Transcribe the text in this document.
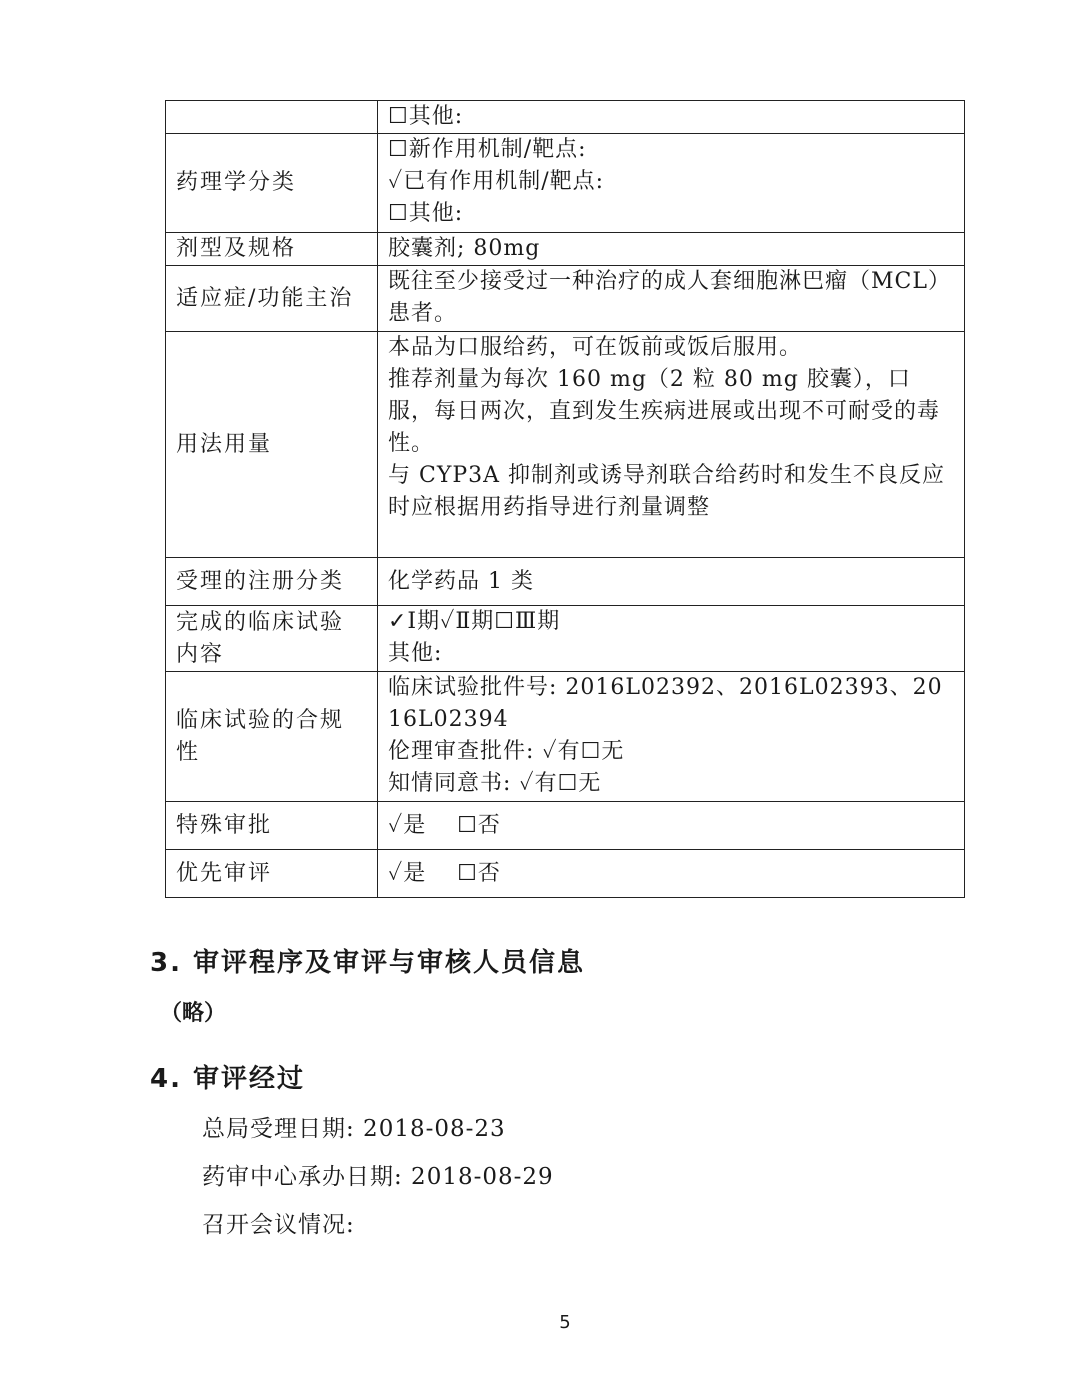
	☐其他:

药理学分类	☐新作用机制/靶点:
✓已有作用机制/靶点:
☐其他:

剂型及规格	胶囊剂; 80mg

适应症/功能主治	既往至少接受过一种治疗的成人套细胞淋巴瘤（MCL）患者。

用法用量	本品为口服给药，可在饭前或饭后服用。
推荐剂量为每次 160 mg（2 粒 80 mg 胶囊），口服，每日两次，直到发生疾病进展或出现不可耐受的毒性。
与 CYP3A 抑制剂或诱导剂联合给药时和发生不良反应时应根据用药指导进行剂量调整

受理的注册分类	化学药品 1 类

完成的临床试验内容	✓Ⅰ期✓Ⅱ期☐Ⅲ期
其他:

临床试验的合规性	临床试验批件号: 2016L02392、2016L02393、2016L02394
伦理审查批件: ✓有☐无
知情同意书: ✓有☐无

特殊审批	✓是　 ☐否

优先审评	✓是　 ☐否
3. 审评程序及审评与审核人员信息
（略）
4. 审评经过
总局受理日期: 2018-08-23
药审中心承办日期: 2018-08-29
召开会议情况:
5
